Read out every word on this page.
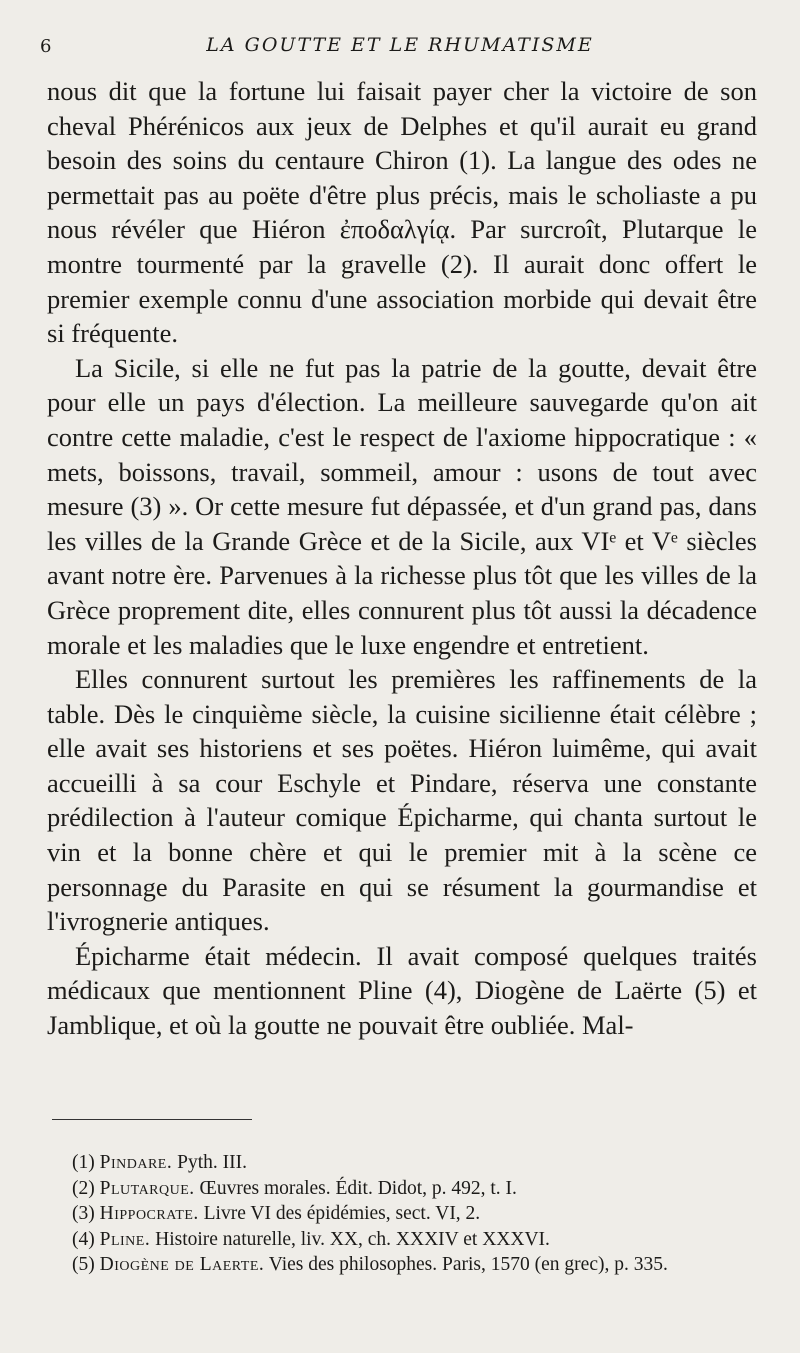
6	LA GOUTTE ET LE RHUMATISME

nous dit que la fortune lui faisait payer cher la victoire de son cheval Phérénicos aux jeux de Delphes et qu'il aurait eu grand besoin des soins du centaure Chiron (1). La langue des odes ne permettait pas au poëte d'être plus précis, mais le scholiaste a pu nous révéler que Hiéron ἐποδαλγίᾳ. Par surcroît, Plutarque le montre tourmenté par la gravelle (2). Il aurait donc offert le premier exemple connu d'une association morbide qui devait être si fréquente.

La Sicile, si elle ne fut pas la patrie de la goutte, devait être pour elle un pays d'élection. La meilleure sauvegarde qu'on ait contre cette maladie, c'est le respect de l'axiome hippocratique : « mets, boissons, travail, sommeil, amour : usons de tout avec mesure (3) ». Or cette mesure fut dépassée, et d'un grand pas, dans les villes de la Grande Grèce et de la Sicile, aux VIᵉ et Vᵉ siècles avant notre ère. Parvenues à la richesse plus tôt que les villes de la Grèce proprement dite, elles connurent plus tôt aussi la décadence morale et les maladies que le luxe engendre et entretient.

Elles connurent surtout les premières les raffinements de la table. Dès le cinquième siècle, la cuisine sicilienne était célèbre ; elle avait ses historiens et ses poëtes. Hiéron luimême, qui avait accueilli à sa cour Eschyle et Pindare, réserva une constante prédilection à l'auteur comique Épicharme, qui chanta surtout le vin et la bonne chère et qui le premier mit à la scène ce personnage du Parasite en qui se résument la gourmandise et l'ivrognerie antiques.

Épicharme était médecin. Il avait composé quelques traités médicaux que mentionnent Pline (4), Diogène de Laërte (5) et Jamblique, et où la goutte ne pouvait être oubliée. Mal-

(1) Pindare. Pyth. III.

(2) Plutarque. Œuvres morales. Édit. Didot, p. 492, t. I.

(3) Hippocrate. Livre VI des épidémies, sect. VI, 2.

(4) Pline. Histoire naturelle, liv. XX, ch. XXXIV et XXXVI.

(5) Diogène de Laerte. Vies des philosophes. Paris, 1570 (en grec), p. 335.
